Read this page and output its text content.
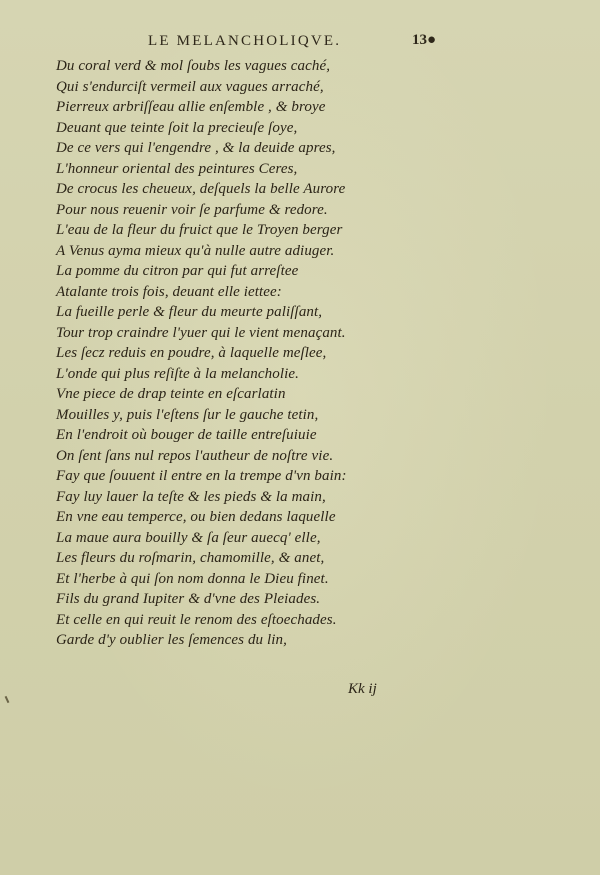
LE MELANCHOLIQVE.	13●
Du coral verd & mol ſoubs les vagues caché,
Qui s'endurciſt vermeil aux vagues arraché,
Pierreux arbriſſeau allie enſemble , & broye
Deuant que teinte ſoit la precieuſe ſoye,
De ce vers qui l'engendre , & la deuide apres,
L'honneur oriental des peintures Ceres,
De crocus les cheueux, deſquels la belle Aurore
Pour nous reuenir voir ſe parfume & redore.
L'eau de la fleur du fruict que le Troyen berger
A Venus ayma mieux qu'à nulle autre adiuger.
La pomme du citron par qui fut arreſtee
Atalante trois fois, deuant elle iettee:
La fueille perle & fleur du meurte paliſſant,
Tour trop craindre l'yuer qui le vient menaçant.
Les ſecz reduis en poudre, à laquelle meſlee,
L'onde qui plus reſiſte à la melancholie.
Vne piece de drap teinte en eſcarlatin
Mouilles y, puis l'eſtens ſur le gauche tetin,
En l'endroit où bouger de taille entreſuiuie
On ſent ſans nul repos l'autheur de noſtre vie.
Fay que ſouuent il entre en la trempe d'vn bain:
Fay luy lauer la teſte & les pieds & la main,
En vne eau temperce, ou bien dedans laquelle
La maue aura bouilly & ſa ſeur auecq' elle,
Les fleurs du roſmarin, chamomille, & anet,
Et l'herbe à qui ſon nom donna le Dieu finet.
Fils du grand Iupiter & d'vne des Pleiades.
Et celle en qui reuit le renom des eſtoechades.
Garde d'y oublier les ſemences du lin,
Kk ij
